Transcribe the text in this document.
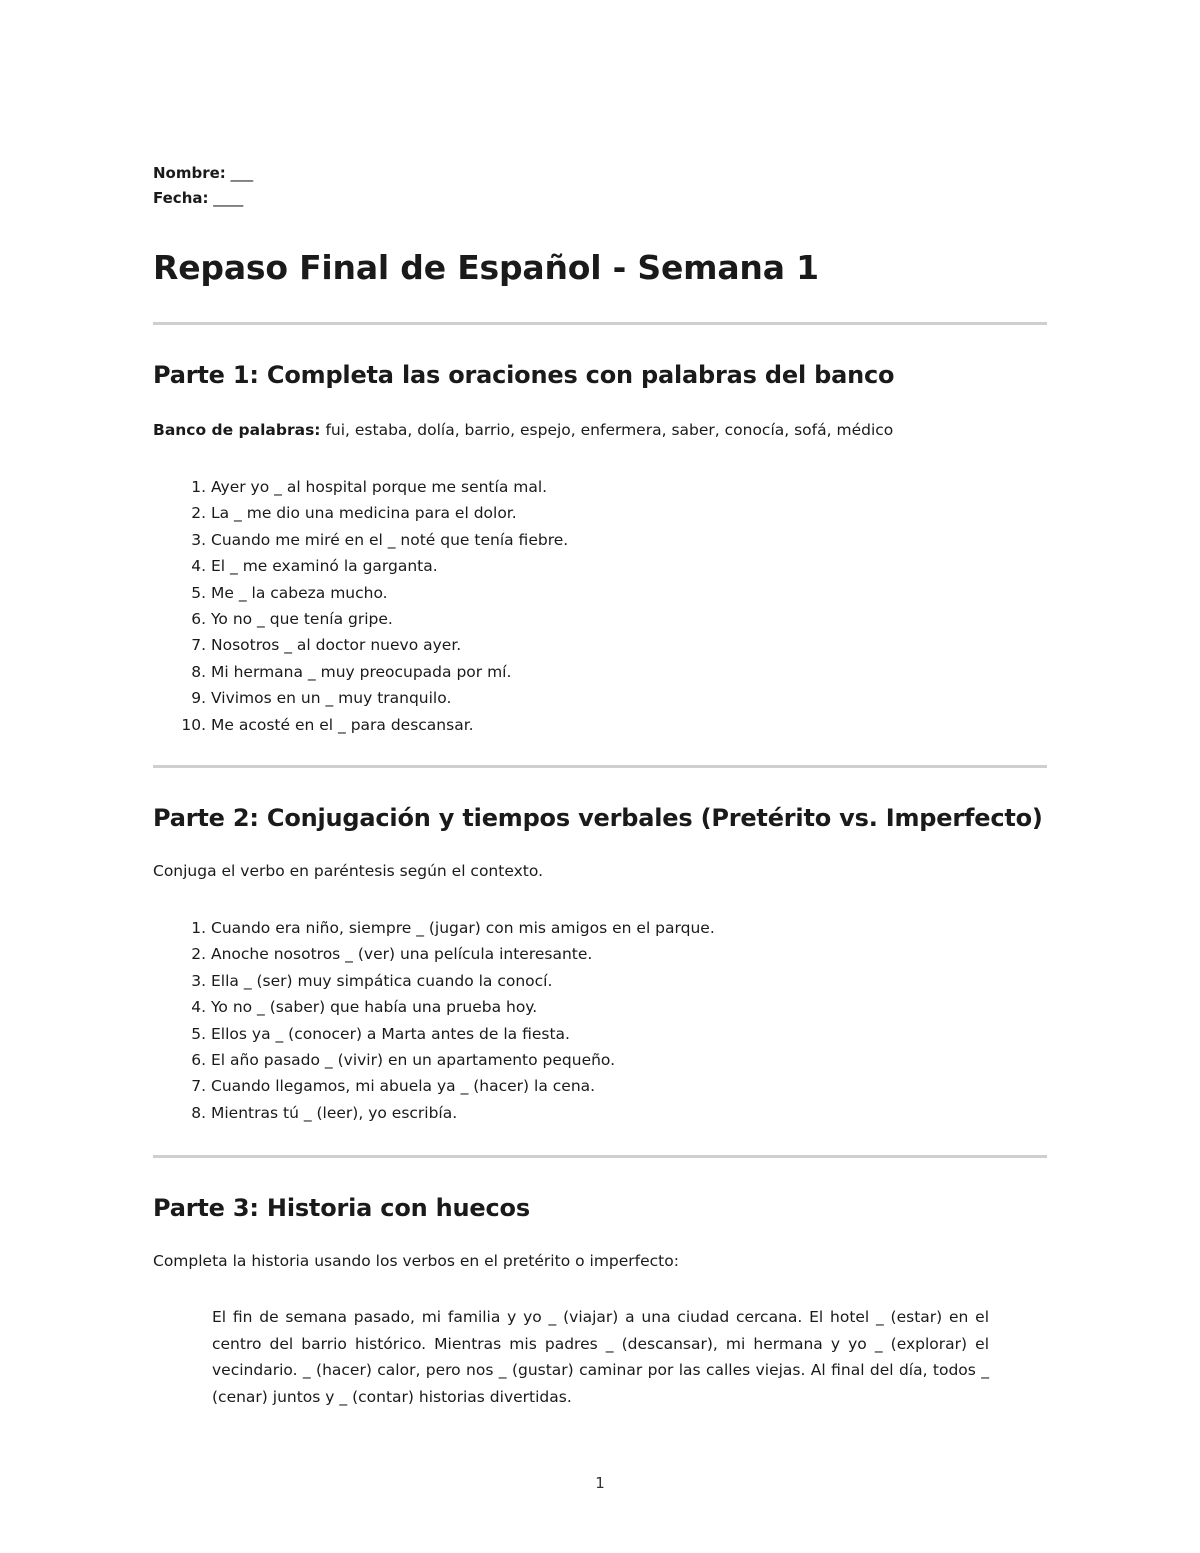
Nombre: ___
Fecha: ____
Repaso Final de Español - Semana 1
Parte 1: Completa las oraciones con palabras del banco
Banco de palabras: fui, estaba, dolía, barrio, espejo, enfermera, saber, conocía, sofá, médico
1. Ayer yo _ al hospital porque me sentía mal.
2. La _ me dio una medicina para el dolor.
3. Cuando me miré en el _ noté que tenía fiebre.
4. El _ me examinó la garganta.
5. Me _ la cabeza mucho.
6. Yo no _ que tenía gripe.
7. Nosotros _ al doctor nuevo ayer.
8. Mi hermana _ muy preocupada por mí.
9. Vivimos en un _ muy tranquilo.
10. Me acosté en el _ para descansar.
Parte 2: Conjugación y tiempos verbales (Pretérito vs. Imperfecto)
Conjuga el verbo en paréntesis según el contexto.
1. Cuando era niño, siempre _ (jugar) con mis amigos en el parque.
2. Anoche nosotros _ (ver) una película interesante.
3. Ella _ (ser) muy simpática cuando la conocí.
4. Yo no _ (saber) que había una prueba hoy.
5. Ellos ya _ (conocer) a Marta antes de la fiesta.
6. El año pasado _ (vivir) en un apartamento pequeño.
7. Cuando llegamos, mi abuela ya _ (hacer) la cena.
8. Mientras tú _ (leer), yo escribía.
Parte 3: Historia con huecos
Completa la historia usando los verbos en el pretérito o imperfecto:

El fin de semana pasado, mi familia y yo _ (viajar) a una ciudad cercana. El hotel _ (estar) en el centro del barrio histórico. Mientras mis padres _ (descansar), mi hermana y yo _ (explorar) el vecindario. _ (hacer) calor, pero nos _ (gustar) caminar por las calles viejas. Al final del día, todos _ (cenar) juntos y _ (contar) historias divertidas.

1
